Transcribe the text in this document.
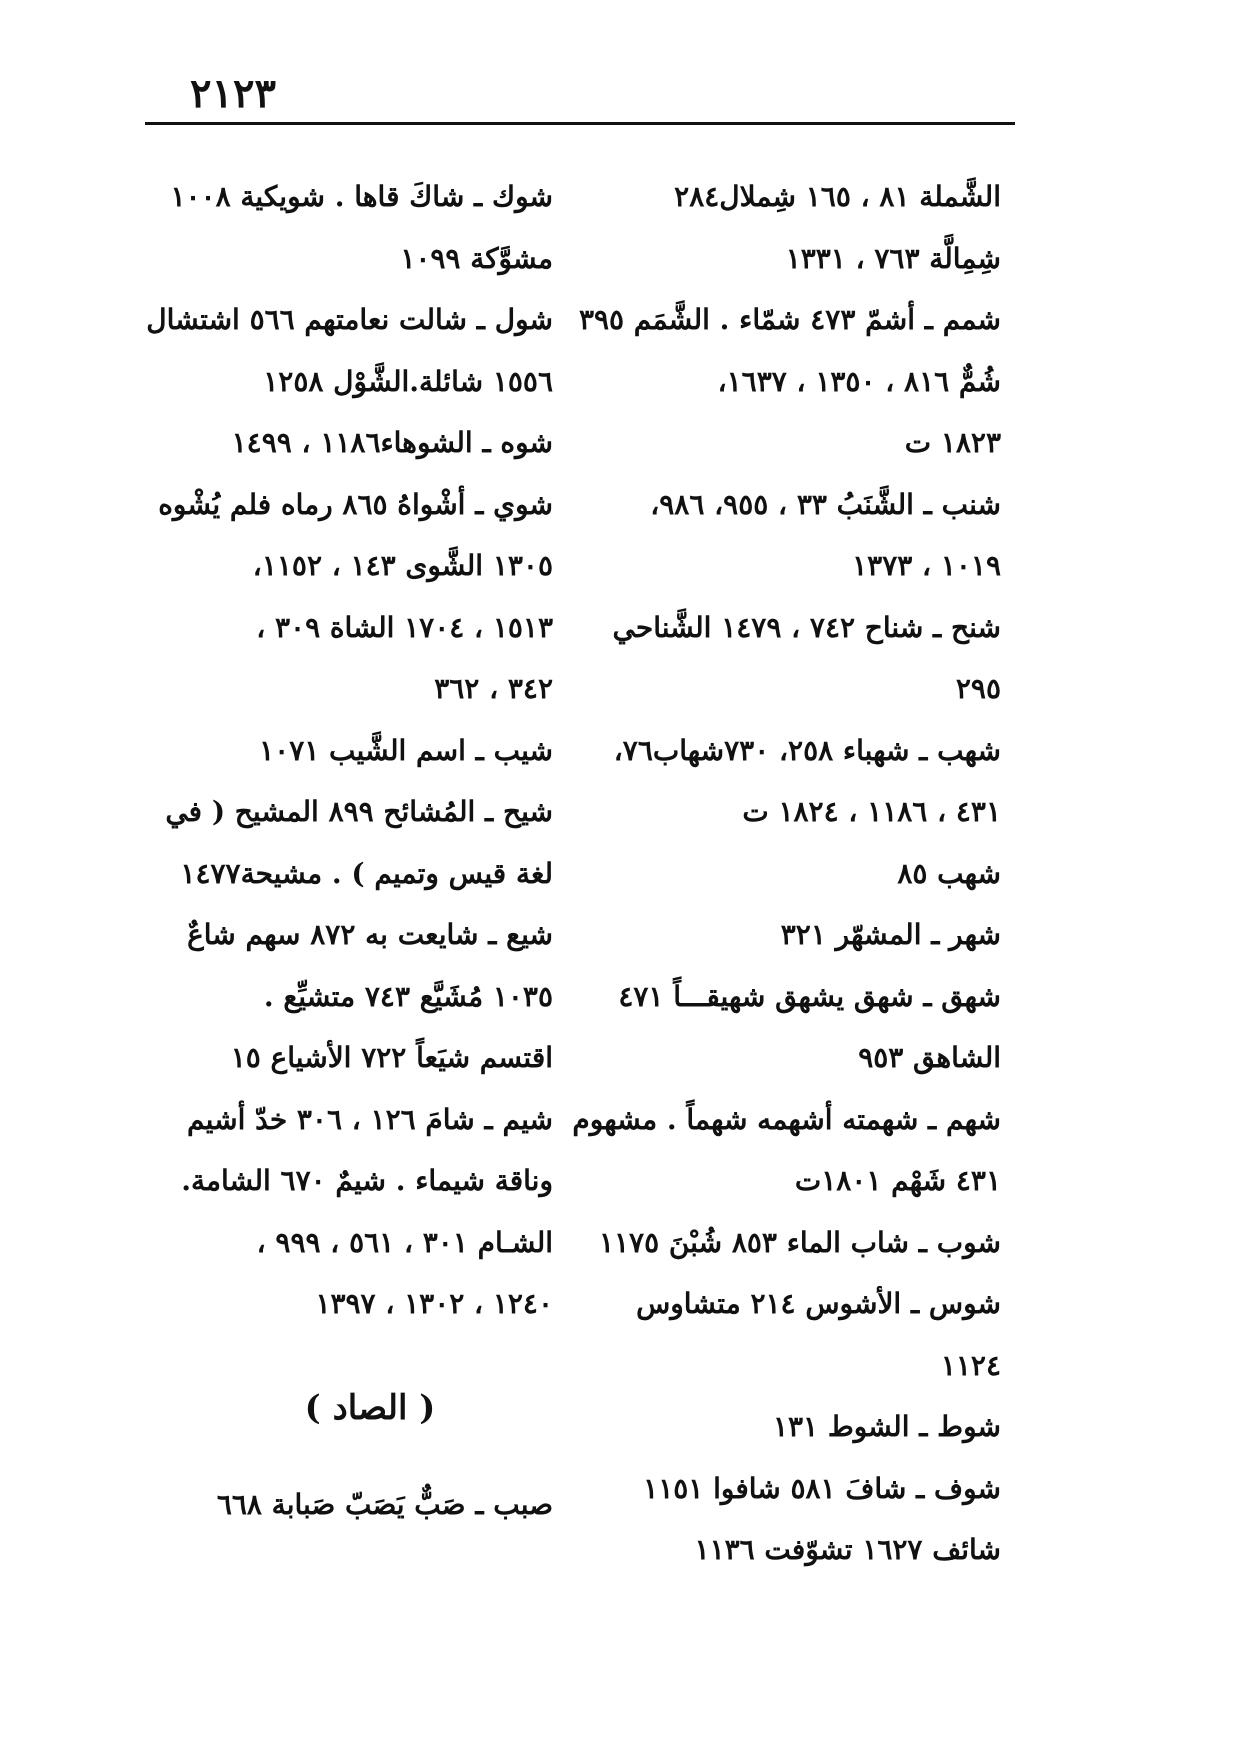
٢١٢٣
الشَّملة ٨١ ، ١٦٥ شِملال٢٨٤
شِمِالَّة ٧٦٣ ، ١٣٣١
شمم ـ أشمّ ٤٧٣ شمّاء . الشَّمَم ٣٩٥
شُمٌّ ٨١٦ ، ١٣٥٠ ، ١٦٣٧،
١٨٢٣ ت
شنب ـ الشَّنَبُ ٣٣ ، ٩٥٥، ٩٨٦،
١٠١٩ ، ١٣٧٣
شنح ـ شناح ٧٤٢ ، ١٤٧٩ الشَّناحي
٢٩٥
شهب ـ شهباء ٢٥٨، ٧٣٠شهاب٧٦،
٤٣١ ، ١١٨٦ ، ١٨٢٤ ت
شهب ٨٥
شهر ـ المشهّر ٣٢١
شهق ـ شهق يشهق شهيقـــاً ٤٧١
الشاهق ٩٥٣
شهم ـ شهمته أشهمه شهماً . مشهوم
٤٣١ شَهْم ١٨٠١ت
شوب ـ شاب الماء ٨٥٣ شُبْنَ ١١٧٥
شوس ـ الأشوس ٢١٤ متشاوس
١١٢٤
شوط ـ الشوط ١٣١
شوف ـ شافَ ٥٨١ شافوا ١١٥١
شائف ١٦٢٧ تشوّفت ١١٣٦
شوك ـ شاكَ قاها . شويكية ١٠٠٨
مشوَّكة ١٠٩٩
شول ـ شالت نعامتهم ٥٦٦ اشتشال
١٥٥٦ شائلة.الشَّوْل ١٢٥٨
شوه ـ الشوهاء١١٨٦ ، ١٤٩٩
شوي ـ أشْواهُ ٨٦٥ رماه فلم يُشْوه
١٣٠٥ الشَّوى ١٤٣ ، ١١٥٢،
١٥١٣ ، ١٧٠٤ الشاة ٣٠٩ ،
٣٤٢ ، ٣٦٢
شيب ـ اسم الشَّيب ١٠٧١
شيح ـ المُشائح ٨٩٩ المشيح ( في
لغة قيس وتميم ) . مشيحة١٤٧٧
شيع ـ شايعت به ٨٧٢ سهم شاعٌ
١٠٣٥ مُشَيَّع ٧٤٣ متشيِّع .
اقتسم شيَعاً ٧٢٢ الأشياع ١٥
شيم ـ شامَ ١٢٦ ، ٣٠٦ خدّ أشيم
وناقة شيماء . شيمٌ ٦٧٠ الشامة.
الشـام ٣٠١ ، ٥٦١ ، ٩٩٩ ،
١٢٤٠ ، ١٣٠٢ ، ١٣٩٧
( الصاد )
صبب ـ صَبٌّ يَصَبّ صَبابة ٦٦٨
